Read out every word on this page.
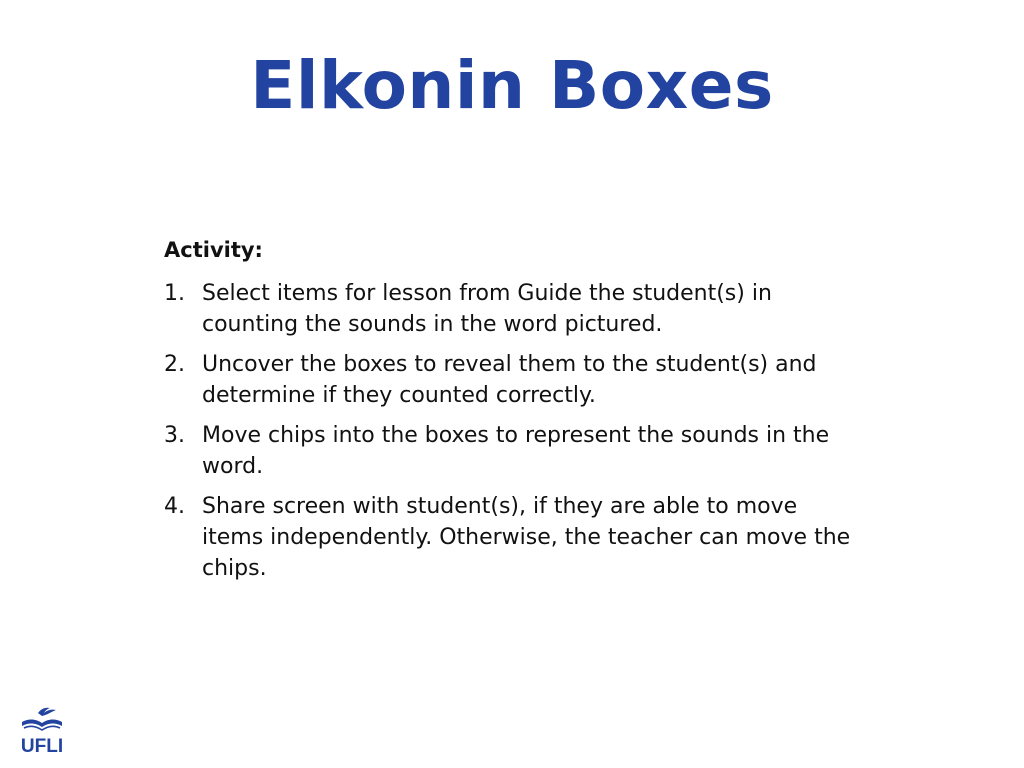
Elkonin Boxes
Activity:
1. Select items for lesson from Guide the student(s) in counting the sounds in the word pictured.
2. Uncover the boxes to reveal them to the student(s) and determine if they counted correctly.
3. Move chips into the boxes to represent the sounds in the word.
4. Share screen with student(s), if they are able to move items independently. Otherwise, the teacher can move the chips.
UFLI
